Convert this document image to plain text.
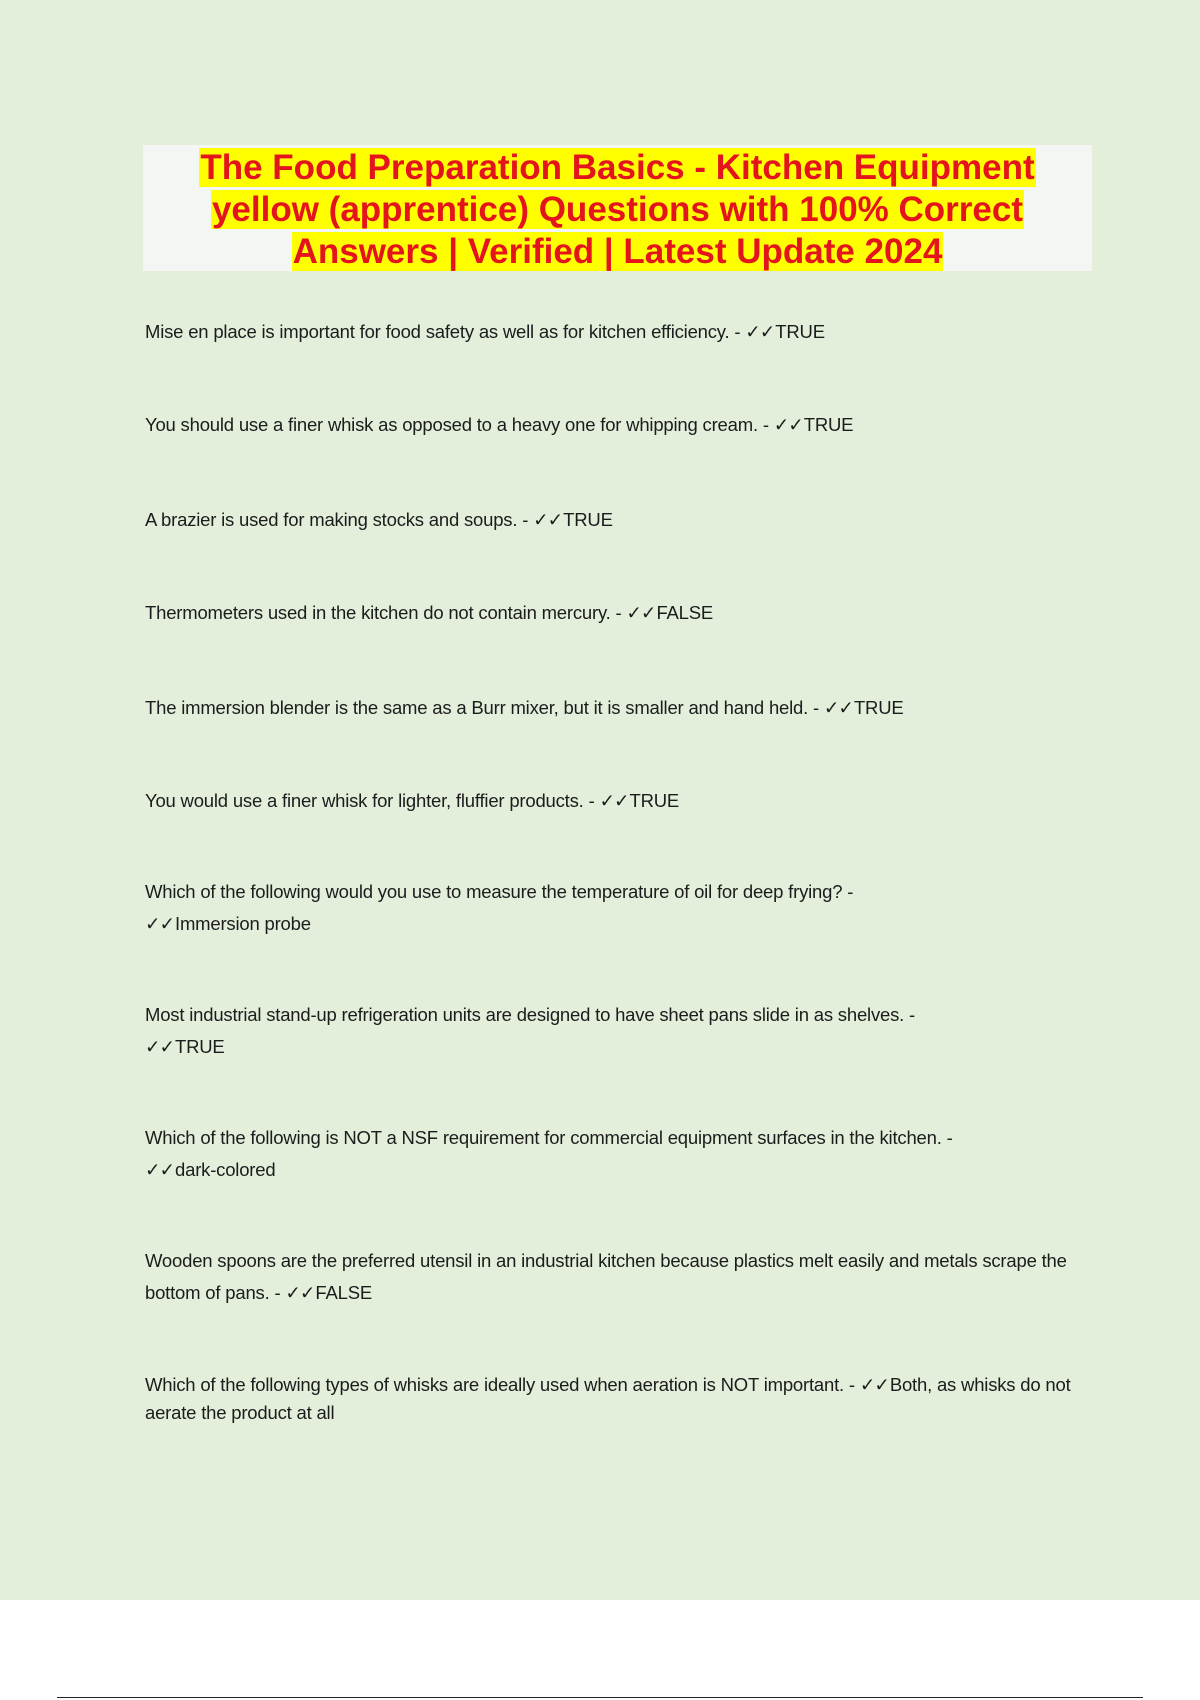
The Food Preparation Basics - Kitchen Equipment yellow (apprentice) Questions with 100% Correct Answers | Verified | Latest Update 2024

Mise en place is important for food safety as well as for kitchen efficiency. - ✓✓TRUE

You should use a finer whisk as opposed to a heavy one for whipping cream. - ✓✓TRUE

A brazier is used for making stocks and soups. - ✓✓TRUE

Thermometers used in the kitchen do not contain mercury. - ✓✓FALSE

The immersion blender is the same as a Burr mixer, but it is smaller and hand held. - ✓✓TRUE

You would use a finer whisk for lighter, fluffier products. - ✓✓TRUE

Which of the following would you use to measure the temperature of oil for deep frying?-
✓✓Immersion probe

Most industrial stand-up refrigeration units are designed to have sheet pans slide in as shelves.-
✓✓TRUE

Which of the following is NOT a NSF requirement for commercial equipment surfaces in the kitchen.-
✓✓dark-colored

Wooden spoons are the preferred utensil in an industrial kitchen because plastics melt easily and metals scrape the bottom of pans. - ✓✓FALSE

Which of the following types of whisks are ideally used when aeration is NOT important. - ✓✓Both, as whisks do not aerate the product at all
